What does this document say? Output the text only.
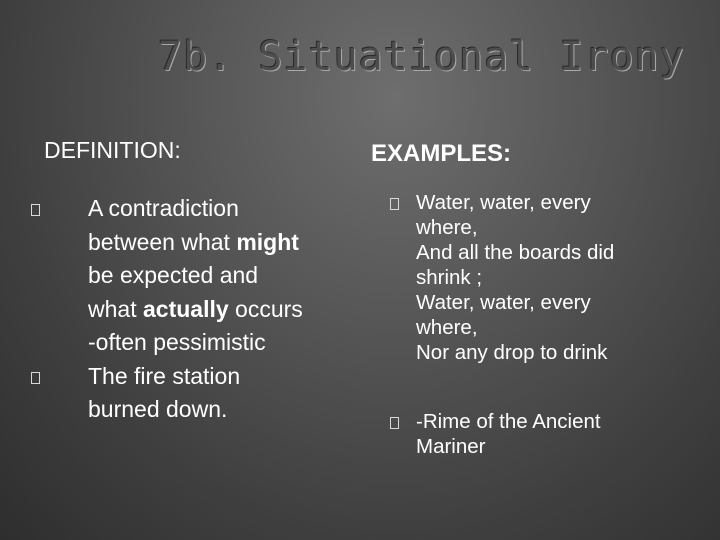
7b. Situational Irony
DEFINITION:	EXAMPLES:
A contradiction
between what might
be expected and
what actually occurs
-often pessimistic
The fire station
burned down.
Water, water, every
where,
And all the boards did
shrink ;
Water, water, every
where,
Nor any drop to drink
-Rime of the Ancient
Mariner
